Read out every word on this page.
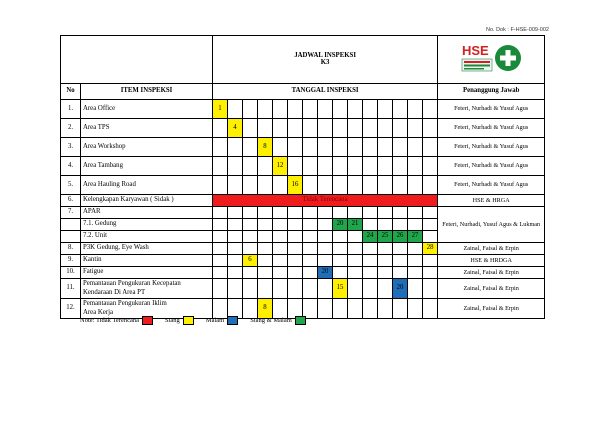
No. Dok : F-HSE-009-002

		JADWAL INSPEKSI
K3															HSE

No	ITEM INSPEKSI	TANGGAL INSPEKSI															Penanggung Jawab
1.	Area Office	1															Feteri, Nurhadi & Yusuf Agus
2.	Area TPS		4														Feteri, Nurhadi & Yusuf Agus
3.	Area Workshop				8												Feteri, Nurhadi & Yusuf Agus
4.	Area Tambang					12											Feteri, Nurhadi & Yusuf Agus
5.	Area Hauling Road						16										Feteri, Nurhadi & Yusuf Agus
6.	Kelengkapan Karyawan ( Sidak )	Tidak Terencana															HSE & HRGA
7.	APAR																Feteri, Nurhadi, Yusuf Agus & Lukman
	7.1. Gedung									20	21						
	7.2. Unit											24	25	26	27		
8.	P3K Gedung, Eye Wash															28	Zainal, Faisal & Erpin
9.	Kantin			6													HSE & HRDGA
10.	Fatigue								20								Zainal, Faisal & Erpin
11.	Pemantauan Pengukuran Kecepatan
Kendaraan Di Area PT									15				20			Zainal, Faisal & Erpin
12.	Pemantauan Pengukuran Iklim
Area Kerja				8												Zainal, Faisal & Erpin
Note: Tidak Terencana	Siang	Malam	Siang & Malam
